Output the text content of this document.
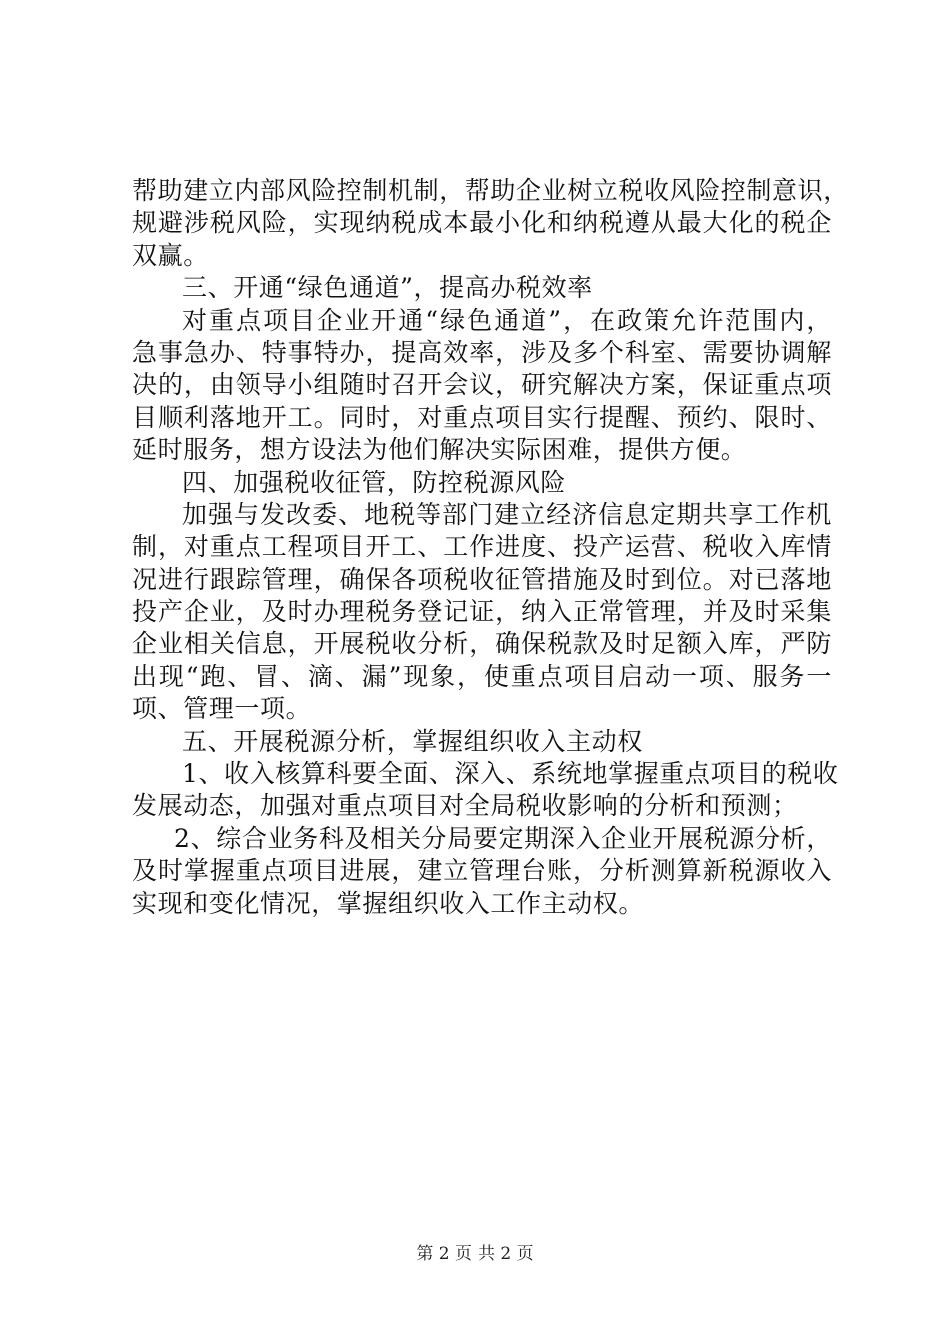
帮助建立内部风险控制机制，帮助企业树立税收风险控制意识，
规避涉税风险，实现纳税成本最小化和纳税遵从最大化的税企
双赢。
三、开通“绿色通道”，提高办税效率
对重点项目企业开通“绿色通道”，在政策允许范围内，
急事急办、特事特办，提高效率，涉及多个科室、需要协调解
决的，由领导小组随时召开会议，研究解决方案，保证重点项
目顺利落地开工。同时，对重点项目实行提醒、预约、限时、
延时服务，想方设法为他们解决实际困难，提供方便。
四、加强税收征管，防控税源风险
加强与发改委、地税等部门建立经济信息定期共享工作机
制，对重点工程项目开工、工作进度、投产运营、税收入库情
况进行跟踪管理，确保各项税收征管措施及时到位。对已落地
投产企业，及时办理税务登记证，纳入正常管理，并及时采集
企业相关信息，开展税收分析，确保税款及时足额入库，严防
出现“跑、冒、滴、漏”现象，使重点项目启动一项、服务一
项、管理一项。
五、开展税源分析，掌握组织收入主动权
1、收入核算科要全面、深入、系统地掌握重点项目的税收
发展动态，加强对重点项目对全局税收影响的分析和预测；
2、综合业务科及相关分局要定期深入企业开展税源分析，
及时掌握重点项目进展，建立管理台账，分析测算新税源收入
实现和变化情况，掌握组织收入工作主动权。
第 2 页 共 2 页
